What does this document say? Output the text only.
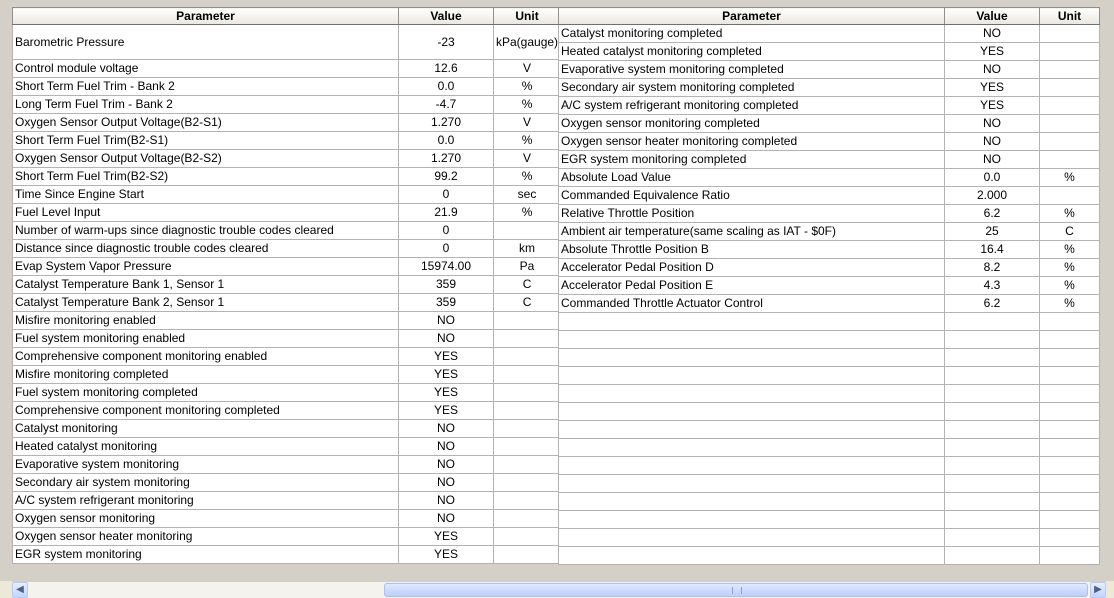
Parameter	Value	Unit
Barometric Pressure	-23	kPa(gauge)
Control module voltage	12.6	V
Short Term Fuel Trim - Bank 2	0.0	%
Long Term Fuel Trim - Bank 2	-4.7	%
Oxygen Sensor Output Voltage(B2-S1)	1.270	V
Short Term Fuel Trim(B2-S1)	0.0	%
Oxygen Sensor Output Voltage(B2-S2)	1.270	V
Short Term Fuel Trim(B2-S2)	99.2	%
Time Since Engine Start	0	sec
Fuel Level Input	21.9	%
Number of warm-ups since diagnostic trouble codes cleared	0	
Distance since diagnostic trouble codes cleared	0	km
Evap System Vapor Pressure	15974.00	Pa
Catalyst Temperature Bank 1, Sensor 1	359	C
Catalyst Temperature Bank 2, Sensor 1	359	C
Misfire monitoring enabled	NO	
Fuel system monitoring enabled	NO	
Comprehensive component monitoring enabled	YES	
Misfire monitoring completed	YES	
Fuel system monitoring completed	YES	
Comprehensive component monitoring completed	YES	
Catalyst monitoring	NO	
Heated catalyst monitoring	NO	
Evaporative system monitoring	NO	
Secondary air system monitoring	NO	
A/C system refrigerant monitoring	NO	
Oxygen sensor monitoring	NO	
Oxygen sensor heater monitoring	YES	
EGR system monitoring	YES	
Parameter	Value	Unit
Catalyst monitoring completed	NO	
Heated catalyst monitoring completed	YES	
Evaporative system monitoring completed	NO	
Secondary air system monitoring completed	YES	
A/C system refrigerant monitoring completed	YES	
Oxygen sensor monitoring completed	NO	
Oxygen sensor heater monitoring completed	NO	
EGR system monitoring completed	NO	
Absolute Load Value	0.0	%
Commanded Equivalence Ratio	2.000	
Relative Throttle Position	6.2	%
Ambient air temperature(same scaling as IAT - $0F)	25	C
Absolute Throttle Position B	16.4	%
Accelerator Pedal Position D	8.2	%
Accelerator Pedal Position E	4.3	%
Commanded Throttle Actuator Control	6.2	%

◀	▶
